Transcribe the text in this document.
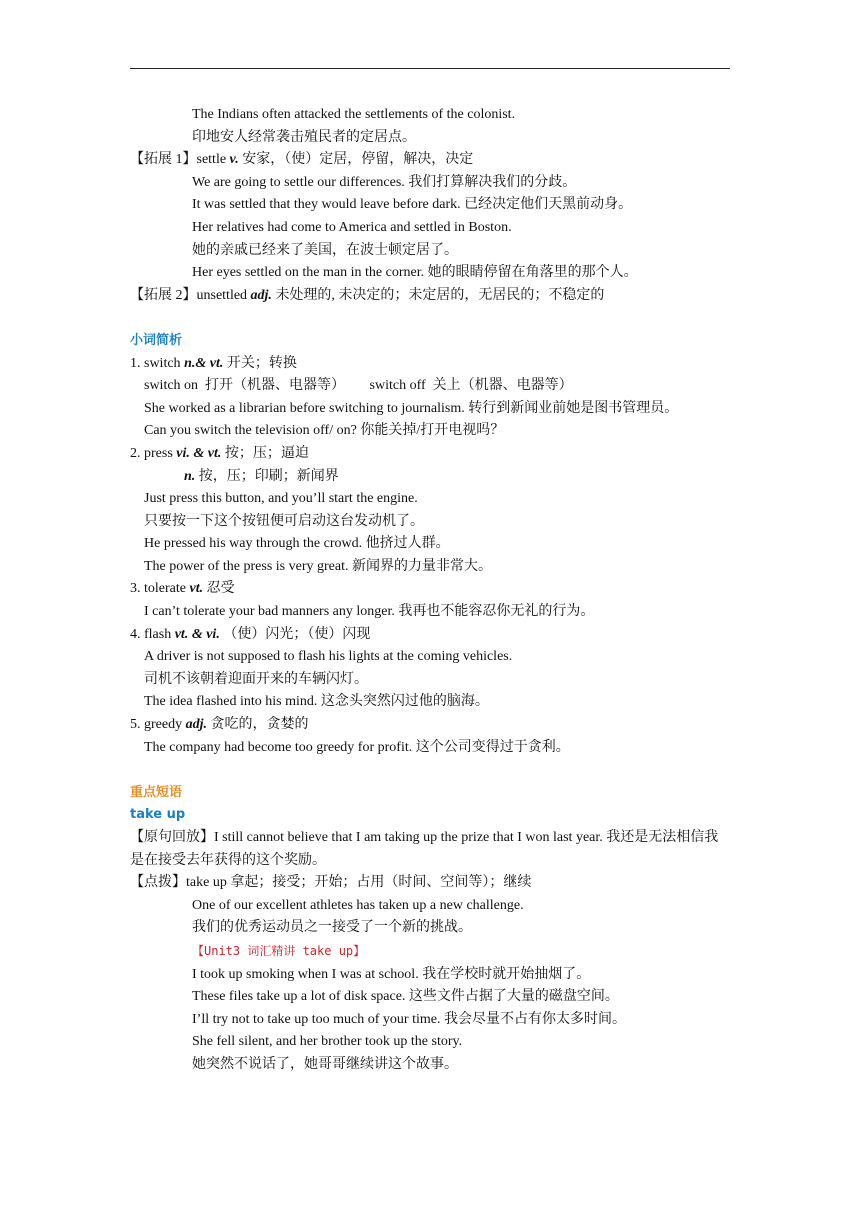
The Indians often attacked the settlements of the colonist.
印地安人经常袭击殖民者的定居点。
【拓展 1】settle v. 安家，（使）定居，停留，解决，决定
We are going to settle our differences. 我们打算解决我们的分歧。
It was settled that they would leave before dark. 已经决定他们天黑前动身。
Her relatives had come to America and settled in Boston.
她的亲戚已经来了美国，在波士顿定居了。
Her eyes settled on the man in the corner. 她的眼睛停留在角落里的那个人。
【拓展 2】unsettled adj. 未处理的, 未决定的；未定居的，无居民的；不稳定的
小词简析
1. switch n.& vt. 开关；转换
switch on  打开（机器、电器等）       switch off  关上（机器、电器等）
She worked as a librarian before switching to journalism. 转行到新闻业前她是图书管理员。
Can you switch the television off/ on? 你能关掉/打开电视吗？
2. press vi. & vt. 按；压；逼迫
n. 按，压；印刷；新闻界
Just press this button, and you’ll start the engine.
只要按一下这个按钮便可启动这台发动机了。
He pressed his way through the crowd. 他挤过人群。
The power of the press is very great. 新闻界的力量非常大。
3. tolerate vt. 忍受
I can’t tolerate your bad manners any longer. 我再也不能容忍你无礼的行为。
4. flash vt. & vi. （使）闪光；（使）闪现
A driver is not supposed to flash his lights at the coming vehicles.
司机不该朝着迎面开来的车辆闪灯。
The idea flashed into his mind. 这念头突然闪过他的脑海。
5. greedy adj. 贪吃的，贪婪的
The company had become too greedy for profit. 这个公司变得过于贪利。
重点短语
take up
【原句回放】I still cannot believe that I am taking up the prize that I won last year. 我还是无法相信我是在接受去年获得的这个奖励。
【点拨】take up 拿起；接受；开始；占用（时间、空间等）；继续
One of our excellent athletes has taken up a new challenge.
我们的优秀运动员之一接受了一个新的挑战。
【Unit3 词汇精讲 take up】
I took up smoking when I was at school. 我在学校时就开始抽烟了。
These files take up a lot of disk space. 这些文件占据了大量的磁盘空间。
I’ll try not to take up too much of your time. 我会尽量不占有你太多时间。
She fell silent, and her brother took up the story.
她突然不说话了，她哥哥继续讲这个故事。
